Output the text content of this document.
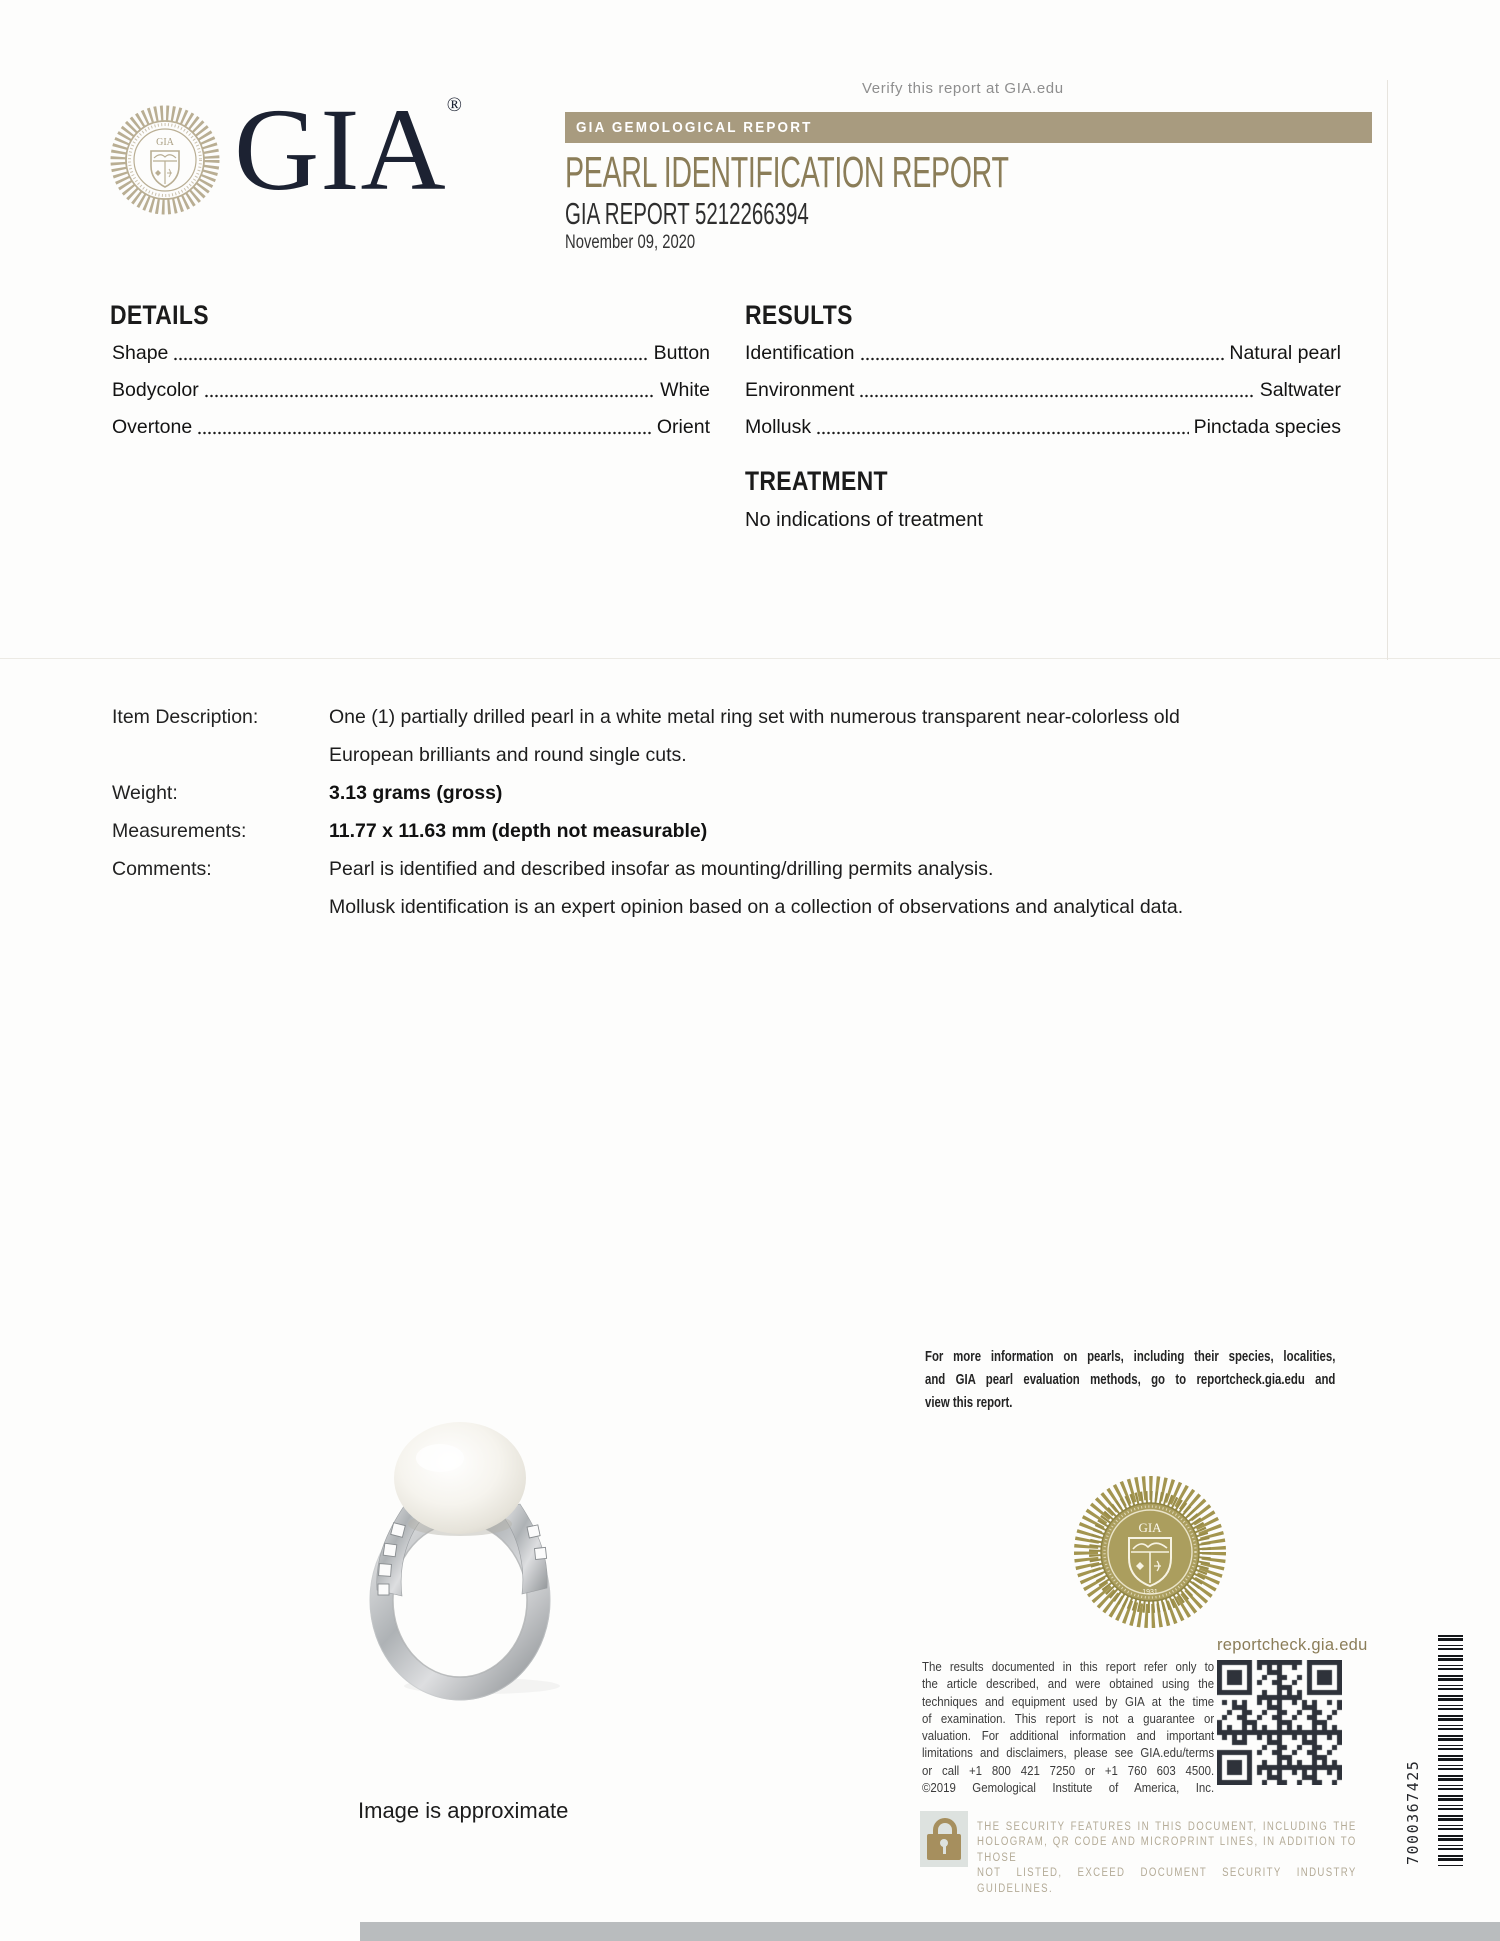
GIA GIA®
Verify this report at GIA.edu
GIA GEMOLOGICAL REPORT
PEARL IDENTIFICATION REPORT
GIA REPORT 5212266394
November 09, 2020
DETAILS
Shape	Button
Bodycolor	White
Overtone	Orient
RESULTS
Identification	Natural pearl
Environment	Saltwater
Mollusk	Pinctada species
TREATMENT
No indications of treatment
Item Description:	One (1) partially drilled pearl in a white metal ring set with numerous transparent near-colorless old
European brilliants and round single cuts.
Weight:	3.13 grams (gross)
Measurements:	11.77 x 11.63 mm (depth not measurable)
Comments:	Pearl is identified and described insofar as mounting/drilling permits analysis.
Mollusk identification is an expert opinion based on a collection of observations and analytical data.
For more information on pearls, including their species, localities,
and GIA pearl evaluation methods, go to reportcheck.gia.edu and
view this report.
Image is approximate
GIA
1931
reportcheck.gia.edu
The results documented in this report refer only to
the article described, and were obtained using the
techniques and equipment used by GIA at the time
of examination. This report is not a guarantee or
valuation. For additional information and important
limitations and disclaimers, please see GIA.edu/terms
or call +1 800 421 7250 or +1 760 603 4500.
©2019 Gemological Institute of America, Inc.
THE SECURITY FEATURES IN THIS DOCUMENT, INCLUDING THE
HOLOGRAM, QR CODE AND MICROPRINT LINES, IN ADDITION TO THOSE
NOT LISTED, EXCEED DOCUMENT SECURITY INDUSTRY GUIDELINES.
7000367425
